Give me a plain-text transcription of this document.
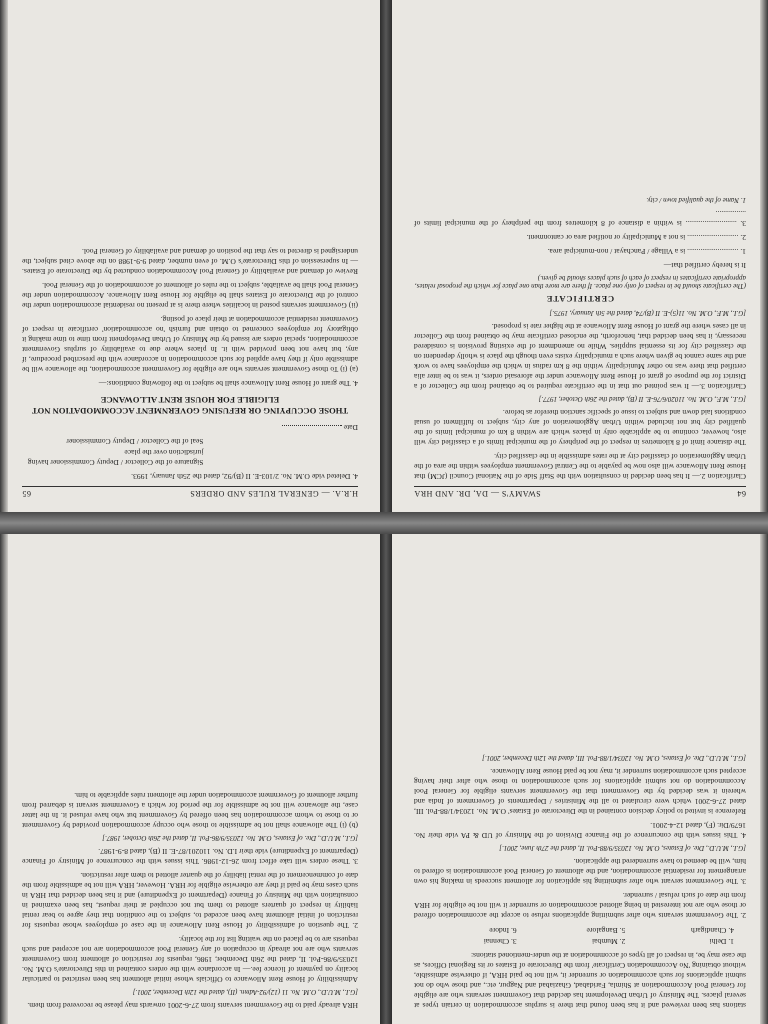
64
SWAMY'S — DA, DR. AND HRA

Clarification 2.— It has been decided in consultation with the Staff Side of the National Council (JCM) that House Rent Allowance will also now be payable to the Central Government employees within the area of the Urban Agglomeration of classified city at the rates admissible in the classified city.

The distance limit of 8 kilometres in respect of the periphery of the municipal limits of a classified city will also, however, continue to be applicable only in places which are within 8 km of municipal limits of the qualified city but not included within Urban Agglomeration of any city, subject to fulfilment of usual conditions laid down and subject to issue of specific sanction therefor as before.

[G.I., M.F., O.M. No. 11020/6/76-E. II (B), dated the 26th October, 1977.]

Clarification 3.— It was pointed out that in the certificate required to be obtained from the Collector of a District for the purpose of grant of House Rent Allowance under the aforesaid orders, it was to be inter alia certified that there was no other Municipality within the 8 km radius in which the employees have to work and the same cannot be given where such a municipality exists even though the place is wholly dependent on the classified city for its essential supplies. While no amendment of the existing provision is considered necessary, it has been decided that, henceforth, the enclosed certificate may be obtained from the Collector in all cases where the grant of House Rent Allowance at the higher rate is proposed.

[G.I., M.F., O.M. No. 11(5)-E. II (B)/74, dated the 5th January, 1975.]

CERTIFICATE

(The certificate should be in respect of only one place. If there are more than one place for which the proposal relates, appropriate certificates in respect of each of such places should be given.)

It is hereby certified that—

1. ........................... is a Village / Panchayat / non-municipal area.

2. ........................... is not a Municipality or notified area or cantonment.

3. ........................... is within a distance of 8 kilometres from the periphery of the municipal limits of ................

1. Name of the qualified town / city.

H.R.A. — GENERAL RULES AND ORDERS
65

4. Deleted vide O.M. No. 2/103-E. II (B)/92, dated the 25th January, 1993.

Signature of the Collector / Deputy Commissioner having jurisdiction over the place
Seal of the Collector / Deputy Commissioner

Date

THOSE OCCUPYING OR REFUSING GOVERNMENT ACCOMMODATION NOT ELIGIBLE FOR HOUSE RENT ALLOWANCE

4. The grant of House Rent Allowance shall be subject to the following conditions:—

(a) (i) To those Government servants who are eligible for Government accommodation, the allowance will be admissible only if they have applied for such accommodation in accordance with the prescribed procedure, if any, but have not been provided with it. In places where due to availability of surplus Government accommodation, special orders are issued by the Ministry of Urban Development from time to time making it obligatory for employees concerned to obtain and furnish 'no accommodation' certificate in respect of Government residential accommodation at their place of posting.

(ii) Government servants posted in localities where there is at present no residential accommodation under the control of the Directorate of Estates shall be eligible for House Rent Allowance. Accommodation under the General Pool shall be available, subject to the rules of allotment of accommodation of the General Pool.

Review of demand and availability of General Pool Accommodation conducted by the Directorate of Estates.— In supersession of this Directorate's O.M. of even number, dated 9-9-1988 on the above cited subject, the undersigned is directed to say that the position of demand and availability of General Pool.

stations has been reviewed and it has been found that there is surplus accommodation in certain types at several places. The Ministry of Urban Development has decided that Government servants who are eligible for General Pool Accommodation at Shimla, Faridabad, Ghaziabad and Nagpur, etc., and those who do not submit applications for such accommodation or surrender it, will not be paid HRA, if otherwise admissible, without obtaining 'No Accommodation Certificate' from the Directorate of Estates or its Regional Offices, as the case may be, in respect of all types of accommodation at the under-mentioned stations:

1. Delhi
2. Mumbai
3. Chennai
4. Chandigarh
5. Bangalore
6. Indore

2. The Government servants who after submitting applications refuse to accept the accommodation offered or those who are not interested in being allotted accommodation or surrender it will not be eligible for HRA from the date of such refusal / surrender.

3. The Government servant who after submitting his application for allotment succeeds in making his own arrangement for residential accommodation, and the allotment of General Pool accommodation is offered to him, will be deemed to have surrendered the application.

[G.I., M.U.D., Dte. of Estates, O.M. No. 12035/9/88-Pol. II, dated the 27th June, 2001.]

4. This issues with the concurrence of the Finance Division of the Ministry of UD & PA vide their No. 1679/Dir. (F), dated 12-4-2001.

Reference is invited to policy decision contained in the Directorate of Estates' O.M. No. 12034/1/88-Pol. III, dated 27-6-2001 which were circulated to all the Ministries / Departments of Government of India and wherein it was decided by the Government that the Government servants eligible for General Pool Accommodation do not submit applications for such accommodation to those who after their having accepted such accommodation surrender it, may not be paid House Rent Allowance.

[G.I., M.U.D., Dte. of Estates, O.M. No. 12034/1/88-Pol. III, dated the 12th December, 2001.]

HRA already paid to the Government servants from 27-6-2001 onwards may please be recovered from them.

[G.I., M.U.D., O.M. No. 11 (12)/92-Admn. (II), dated the 12th December, 2001.]

Admissibility of House Rent Allowance to Officials whose initial allotment has been restricted to particular locality on payment of licence fee.— In accordance with the orders contained in this Directorate's O.M. No. 12035/9/86-Pol. II, dated the 26th December, 1986, requests for restriction of allotment from Government servants who are not already in occupation of any General Pool accommodation are not accepted and such requests are to be placed on the waiting list for the locality.

2. The question of admissibility of House Rent Allowance in the case of employees whose requests for restriction of initial allotment have been acceded to, subject to the condition that they agree to bear rental liability in respect of quarters allotted to them but not occupied at their request, has been examined in consultation with the Ministry of Finance (Department of Expenditure) and it has been decided that HRA in such cases may be paid if they are otherwise eligible for HRA. However, HRA will not be admissible from the date of commencement of the rental liability of the quarter allotted to them after restriction.

3. These orders will take effect from 26-12-1986. This issues with the concurrence of Ministry of Finance (Department of Expenditure) vide their I.D. No. 110201/87-E. II (B), dated 8-9-1987.

[G.I., M.U.D., Dte. of Estates, O.M. No. 12035/9/86-Pol. II, dated the 26th October, 1987.]

(b) (i) The allowance shall not be admissible to those who occupy accommodation provided by Government or to those to whom accommodation has been offered by Government but who have refused it. In the latter case, the allowance will not be admissible for the period for which a Government servant is debarred from further allotment of Government accommodation under the allotment rules applicable to him.
